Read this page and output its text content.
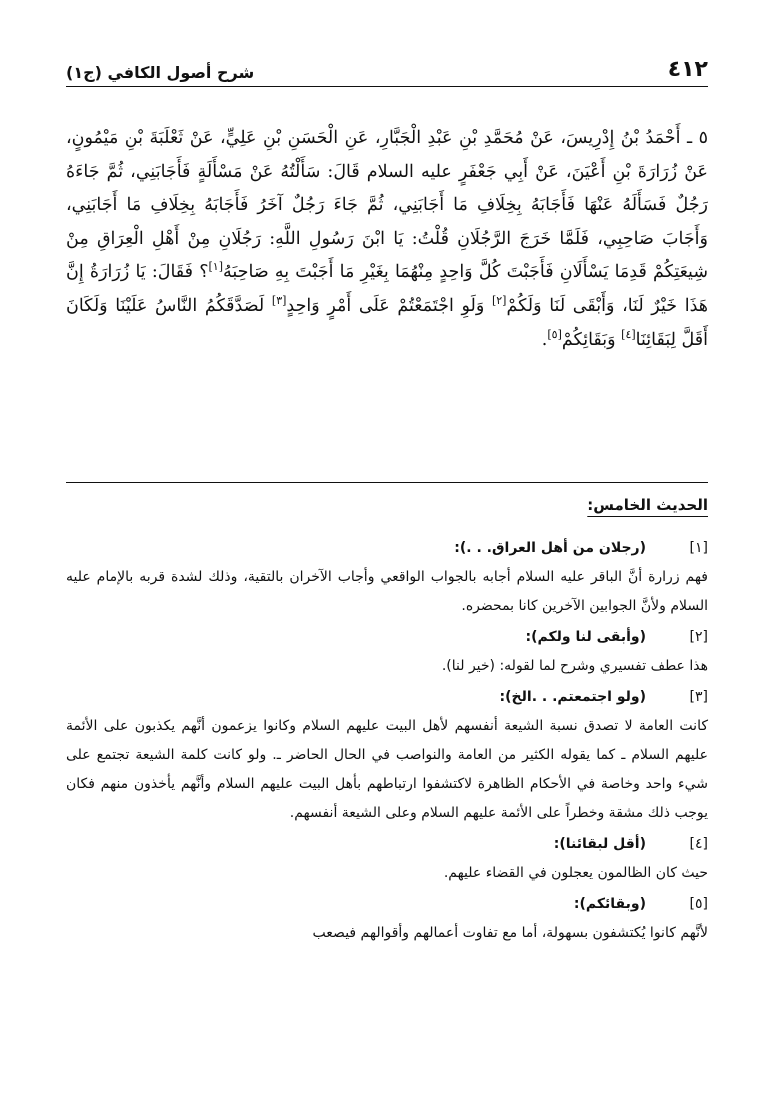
٤١٢
شرح أصول الكافي (ج١)

٥ ـ أَحْمَدُ بْنُ إِدْرِيسَ، عَنْ مُحَمَّدِ بْنِ عَبْدِ الْجَبَّارِ، عَنِ الْحَسَنِ بْنِ عَلِيٍّ، عَنْ ثَعْلَبَةَ بْنِ مَيْمُونٍ، عَنْ زُرَارَةَ بْنِ أَعْيَنَ، عَنْ أَبِي جَعْفَرٍ عليه السلام قَالَ: سَأَلْتُهُ عَنْ مَسْأَلَةٍ فَأَجَابَنِي، ثُمَّ جَاءَهُ رَجُلٌ فَسَأَلَهُ عَنْهَا فَأَجَابَهُ بِخِلَافِ مَا أَجَابَنِي، ثُمَّ جَاءَ رَجُلٌ آخَرُ فَأَجَابَهُ بِخِلَافِ مَا أَجَابَنِي، وَأَجَابَ صَاحِبِي، فَلَمَّا خَرَجَ الرَّجُلَانِ قُلْتُ: يَا ابْنَ رَسُولِ اللَّهِ: رَجُلَانِ مِنْ أَهْلِ الْعِرَاقِ مِنْ شِيعَتِكُمْ قَدِمَا يَسْأَلَانِ فَأَجَبْتَ كُلَّ وَاحِدٍ مِنْهُمَا بِغَيْرِ مَا أَجَبْتَ بِهِ صَاحِبَهُ[١]؟ فَقَالَ: يَا زُرَارَةُ إِنَّ هَذَا خَيْرٌ لَنَا، وَأَبْقَى لَنَا وَلَكُمْ[٢] وَلَوِ اجْتَمَعْتُمْ عَلَى أَمْرٍ وَاحِدٍ[٣] لَصَدَّقَكُمُ النَّاسُ عَلَيْنَا وَلَكَانَ أَقَلَّ لِبَقَائِنَا[٤] وَبَقَائِكُمْ[٥].

الحديث الخامس:
[١]
(رجلان من أهل العراق. . .):

فهم زرارة أنَّ الباقر عليه السلام أجابه بالجواب الواقعي وأجاب الآخران بالتقية، وذلك لشدة قربه بالإمام عليه السلام ولأنَّ الجوابين الآخرين كانا بمحضره.

[٢]
(وأبقى لنا ولكم):

هذا عطف تفسيري وشرح لما لقوله: (خير لنا).

[٣]
(ولو اجتمعتم. . .الخ):

كانت العامة لا تصدق نسبة الشيعة أنفسهم لأهل البيت عليهم السلام وكانوا يزعمون أنَّهم يكذبون على الأئمة عليهم السلام ـ كما يقوله الكثير من العامة والنواصب في الحال الحاضر ـ. ولو كانت كلمة الشيعة تجتمع على شيء واحد وخاصة في الأحكام الظاهرة لاكتشفوا ارتباطهم بأهل البيت عليهم السلام وأنَّهم يأخذون منهم فكان يوجب ذلك مشقة وخطراً على الأئمة عليهم السلام وعلى الشيعة أنفسهم.

[٤]
(أقل لبقائنا):

حيث كان الظالمون يعجلون في القضاء عليهم.

[٥]
(وبقائكم):

لأنَّهم كانوا يُكتشفون بسهولة، أما مع تفاوت أعمالهم وأقوالهم فيصعب
